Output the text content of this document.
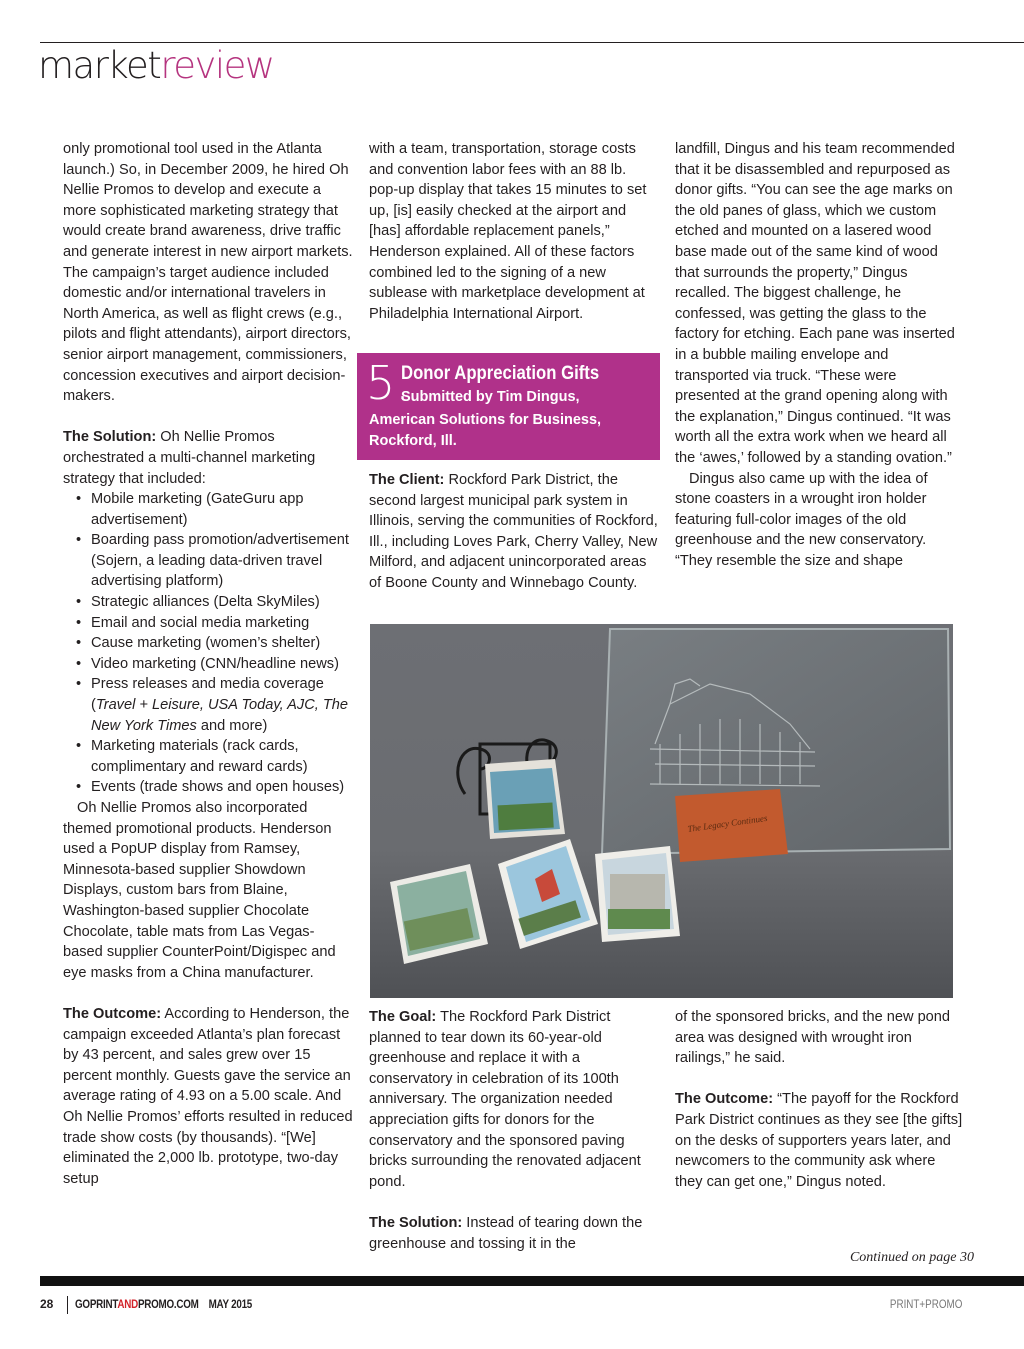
marketreview

only promotional tool used in the Atlanta launch.) So, in December 2009, he hired Oh Nellie Promos to develop and execute a more sophisticated marketing strategy that would create brand awareness, drive traffic and generate interest in new airport markets. The campaign’s target audience included domestic and/or international travelers in North America, as well as flight crews (e.g., pilots and flight attendants), airport directors, senior airport management, commissioners, concession executives and airport decision-makers.

The Solution: Oh Nellie Promos orchestrated a multi-channel marketing strategy that included:

• Mobile marketing (GateGuru app advertisement)
• Boarding pass promotion/advertisement (Sojern, a leading data-driven travel advertising platform)
• Strategic alliances (Delta SkyMiles)
• Email and social media marketing
• Cause marketing (women’s shelter)
• Video marketing (CNN/headline news)
• Press releases and media coverage (Travel + Leisure, USA Today, AJC, The New York Times and more)
• Marketing materials (rack cards, complimentary and reward cards)
• Events (trade shows and open houses)

Oh Nellie Promos also incorporated themed promotional products. Henderson used a PopUP display from Ramsey, Minnesota-based supplier Showdown Displays, custom bars from Blaine, Washington-based supplier Chocolate Chocolate, table mats from Las Vegas-based supplier CounterPoint/Digispec and eye masks from a China manufacturer.

The Outcome: According to Henderson, the campaign exceeded Atlanta’s plan forecast by 43 percent, and sales grew over 15 percent monthly. Guests gave the service an average rating of 4.93 on a 5.00 scale. And Oh Nellie Promos’ efforts resulted in reduced trade show costs (by thousands). “[We] eliminated the 2,000 lb. prototype, two-day setup

with a team, transportation, storage costs and convention labor fees with an 88 lb. pop-up display that takes 15 minutes to set up, [is] easily checked at the airport and [has] affordable replacement panels,” Henderson explained. All of these factors combined led to the signing of a new sublease with marketplace development at Philadelphia International Airport.

5.
Donor Appreciation Gifts
Submitted by Tim Dingus,
American Solutions for Business, Rockford, Ill.

The Client: Rockford Park District, the second largest municipal park system in Illinois, serving the communities of Rockford, Ill., including Loves Park, Cherry Valley, New Milford, and adjacent unincorporated areas of Boone County and Winnebago County.

landfill, Dingus and his team recommended that it be disassembled and repurposed as donor gifts. “You can see the age marks on the old panes of glass, which we custom etched and mounted on a lasered wood base made out of the same kind of wood that surrounds the property,” Dingus recalled. The biggest challenge, he confessed, was getting the glass to the factory for etching. Each pane was inserted in a bubble mailing envelope and transported via truck. “These were presented at the grand opening along with the explanation,” Dingus continued. “It was worth all the extra work when we heard all the ‘awes,’ followed by a standing ovation.”

Dingus also came up with the idea of stone coasters in a wrought iron holder featuring full-color images of the old greenhouse and the new conservatory. “They resemble the size and shape

The Legacy Continues

The Goal: The Rockford Park District planned to tear down its 60-year-old greenhouse and replace it with a conservatory in celebration of its 100th anniversary. The organization needed appreciation gifts for donors for the conservatory and the sponsored paving bricks surrounding the renovated adjacent pond.

The Solution: Instead of tearing down the greenhouse and tossing it in the

of the sponsored bricks, and the new pond area was designed with wrought iron railings,” he said.

The Outcome: “The payoff for the Rockford Park District continues as they see [the gifts] on the desks of supporters years later, and newcomers to the community ask where they can get one,” Dingus noted.

Continued on page 30
28 GOPRINTANDPROMO.COM MAY 2015	PRINT+PROMO
